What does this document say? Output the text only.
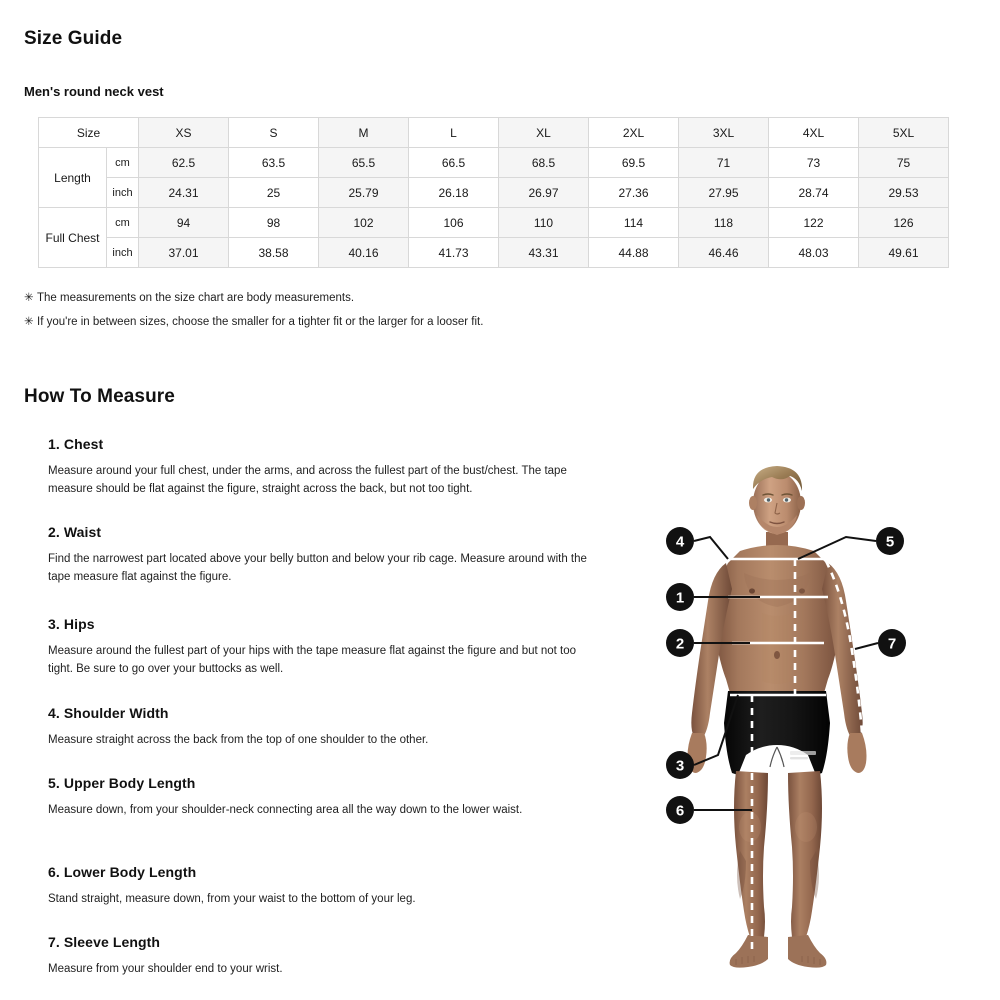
Size Guide
Men's round neck vest
Size		XS	S	M	L	XL	2XL	3XL	4XL	5XL
Length	cm	62.5	63.5	65.5	66.5	68.5	69.5	71	73	75
	inch	24.31	25	25.79	26.18	26.97	27.36	27.95	28.74	29.53
Full Chest	cm	94	98	102	106	110	114	118	122	126
	inch	37.01	38.58	40.16	41.73	43.31	44.88	46.46	48.03	49.61
✳ The measurements on the size chart are body measurements.
✳ If you're in between sizes, choose the smaller for a tighter fit or the larger for a looser fit.
How To Measure
1. Chest

Measure around your full chest, under the arms, and across the fullest part of the bust/chest. The tape measure should be flat against the figure, straight across the back, but not too tight.

2. Waist

Find the narrowest part located above your belly button and below your rib cage. Measure around with the tape measure flat against the figure.

3. Hips

Measure around the fullest part of your hips with the tape measure flat against the figure and but not too tight. Be sure to go over your buttocks as well.

4. Shoulder Width

Measure straight across the back from the top of one shoulder to the other.

5. Upper Body Length

Measure down, from your shoulder-neck connecting area all the way down to the lower waist.

6. Lower Body Length

Stand straight, measure down, from your waist to the bottom of your leg.

7. Sleeve Length

Measure from your shoulder end to your wrist.

4	5
1
2	7
3
6
